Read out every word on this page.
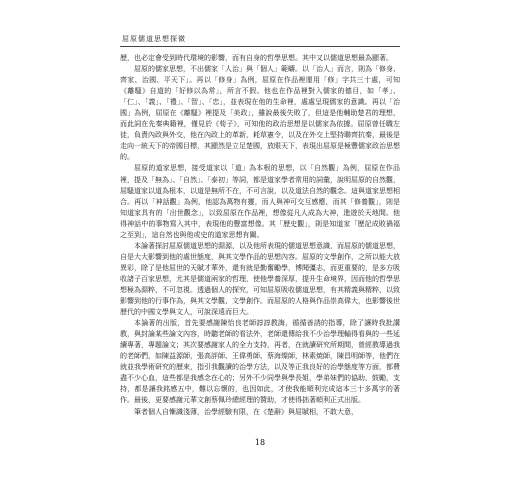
屈原儒道思想探微

歷，也必定會受到時代環境的影響，而有自身的哲學思想。其中又以儒道思想最為顯著。

屈原的儒家思想，不出儒家「人治」與「個人」範疇。以「治人」而言，則為「修身、齊家、治國、平天下」。再以「修身」為例，屈原在作品裡運用「修」字共三十處，可知《離騷》自道的「好修以為常」，所言不假。他也在作品裡對入儒家的德目，如「孝」、「仁」、「義」、「禮」、「智」、「忠」，並表現在他的生命裡，處處呈現儒家的意識。再以「治國」為例，屈原在《離騷》裡提及「美政」，雖說最後失敗了，但這是他輔助楚君的理想，而此詞在先秦典籍裡，僅見於《荀子》，可知他的政治思想是以儒家為依據。屈原曾任職左徒，負責內政與外交，他在內政上的革新，耗草憲令，以及在外交上堅持聯齊抗秦，最後是走向一統天下的帝國目標，其顯然是立足楚國，放眼天下，表現出屈原是極豐儒家政治思想的。

屈原的道家思想，接受道家以「道」為本根的思想，以「自然觀」為例，屈原在作品裡，提及「無為」、「自然」、「泰初」等詞，都是道家學者常用的詞彙，說明屈原的自然觀，屈騷道家以道為根本，以道是無所不在，不可言說，以及道法自然的觀念。這與道家思想相合。再以「神話觀」為例，他認為萬物有靈，而人與神可交互感應，而其「修養觀」，則是知道家具有的「出世觀念」，以致屈原在作品裡，想像從凡人成為大神，進遊於天地間。他得神話中的事物寫入其中，表現他的豐富想像。其「歷史觀」，則是知道家「歷記成敗禍福之至到」，這自然也與他或史的道家思想有關。

本論著探討屈原儒道思想的淵源，以及他所表現的儒道思想意識，而屈原的儒道思想，自是大大影響到他的處世態度，與其文學作品的思想內容。屈原的文學創作，之所以能大放異彩，除了是他屈世的天賦才華外，還有就是勤奮勵學，博聞彊志，而更重要的，是多方吸收諸子百家思想，尤其是儒道兩家的哲理，使他學養深厚，提升生命境界，因而他的哲學思想極為淵粹，不可忽視。透過個人的探究，可知屈原吸收儒道思想，有其精義與精粹，以致影響到他的行事作為，與其文學觀、文學創作。而屈原的人格與作品崇高偉大，也影響後世歷代的中國文學與文人，可說深遠而巨大。

本論著的出版，首先要感謝陳怡良老師諄諄教誨，循循善誘的指導，除了讓時我批講教，與封論某些論文內容，時聽老師的看法外，老師還傳給我不少治學理輸得看與的一些延續專著，專題論文；其次要感謝家人的全力支持，再者，在就讀研究所期間，曾經教導過我的老師們，如陳益源師，張高評師、王偉勇師、蔡海燦師，林素焼師，陳昌明師等，他們在就並我學術研究的歷來，指引我觀讀的治學方法，以及等正我良好的治學態度等方面，都費盡不少心血，這些都是我感念在心的；另外不少同學與學長姐，學弟妹們的協助，鼓勵，支持，都是讓我銘感五中，難以忘懷的，也因如此，才使我能順利完成這本三十多萬字的著作。最後，更要感謝元華文創蔡佩玲總經理的贊助，才使得拙著順利正式出版。

筆者個人自慚識淺薄，治學經驗有限，在《楚辭》與屈賦相，不敢大意，

18
